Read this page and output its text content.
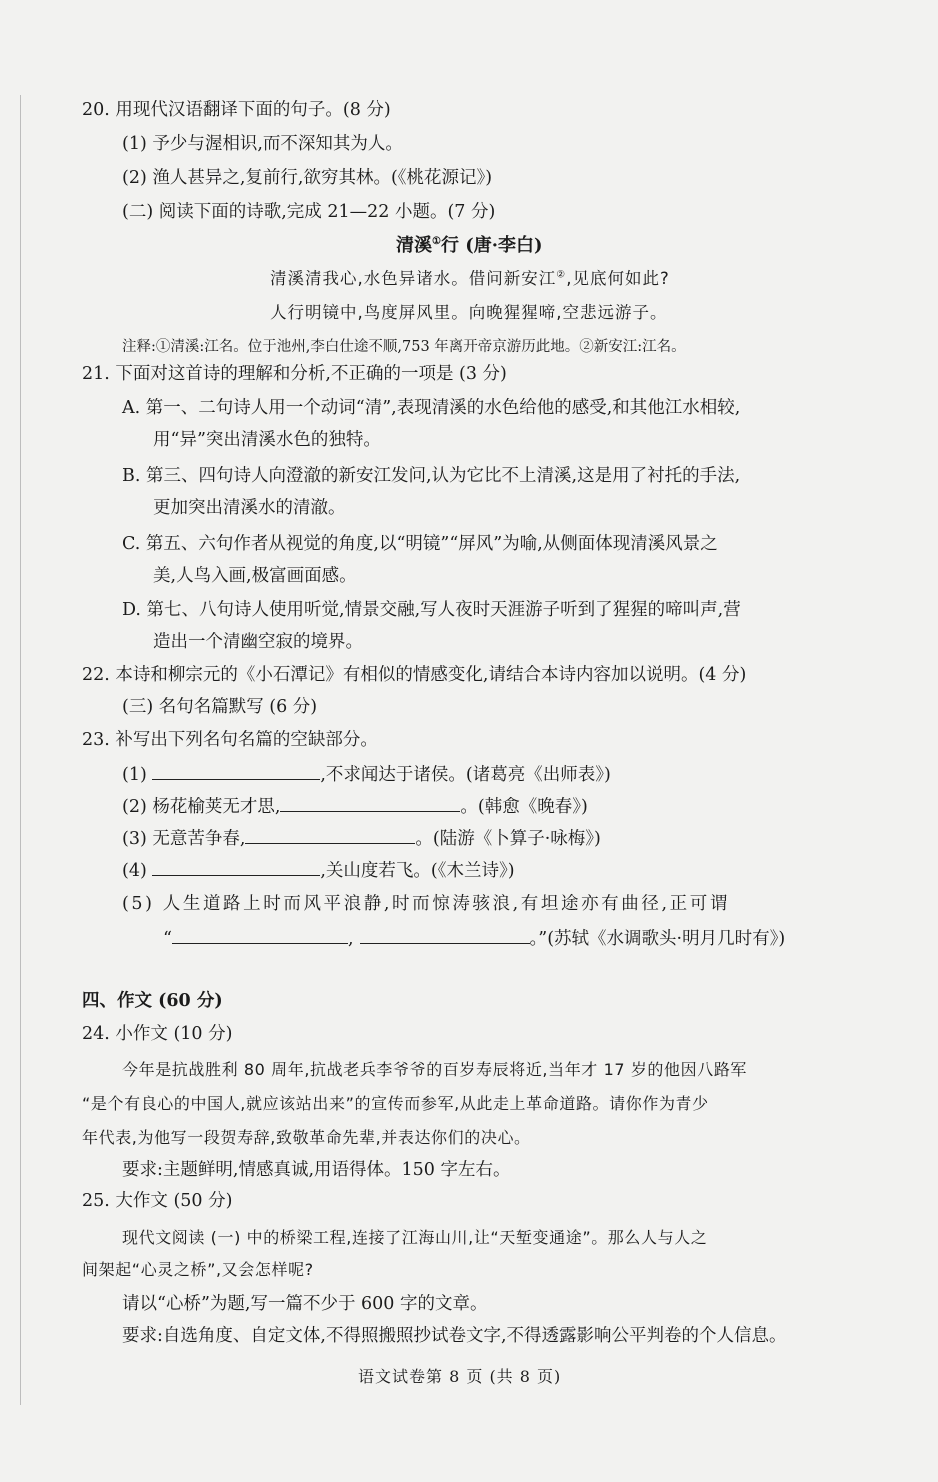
20. 用现代汉语翻译下面的句子。(8 分)
(1) 予少与渥相识,而不深知其为人。
(2) 渔人甚异之,复前行,欲穷其林。(《桃花源记》)
(二) 阅读下面的诗歌,完成 21—22 小题。(7 分)
清溪①行 (唐·李白)
清溪清我心,水色异诸水。借问新安江②,见底何如此?
人行明镜中,鸟度屏风里。向晚猩猩啼,空悲远游子。
注释:①清溪:江名。位于池州,李白仕途不顺,753 年离开帝京游历此地。②新安江:江名。
21. 下面对这首诗的理解和分析,不正确的一项是 (3 分)
A. 第一、二句诗人用一个动词“清”,表现清溪的水色给他的感受,和其他江水相较,
用“异”突出清溪水色的独特。
B. 第三、四句诗人向澄澈的新安江发问,认为它比不上清溪,这是用了衬托的手法,
更加突出清溪水的清澈。
C. 第五、六句作者从视觉的角度,以“明镜”“屏风”为喻,从侧面体现清溪风景之
美,人鸟入画,极富画面感。
D. 第七、八句诗人使用听觉,情景交融,写人夜时天涯游子听到了猩猩的啼叫声,营
造出一个清幽空寂的境界。
22. 本诗和柳宗元的《小石潭记》有相似的情感变化,请结合本诗内容加以说明。(4 分)
(三) 名句名篇默写 (6 分)
23. 补写出下列名句名篇的空缺部分。
(1)	,不求闻达于诸侯。(诸葛亮《出师表》)
(2) 杨花榆荚无才思,	。(韩愈《晚春》)
(3) 无意苦争春,	。(陆游《卜算子·咏梅》)
(4)	,关山度若飞。(《木兰诗》)
(5) 人生道路上时而风平浪静,时而惊涛骇浪,有坦途亦有曲径,正可谓
“	,	。”(苏轼《水调歌头·明月几时有》)
四、作文 (60 分)
24. 小作文 (10 分)
今年是抗战胜利 80 周年,抗战老兵李爷爷的百岁寿辰将近,当年才 17 岁的他因八路军
“是个有良心的中国人,就应该站出来”的宣传而参军,从此走上革命道路。请你作为青少
年代表,为他写一段贺寿辞,致敬革命先辈,并表达你们的决心。
要求:主题鲜明,情感真诚,用语得体。150 字左右。
25. 大作文 (50 分)
现代文阅读 (一) 中的桥梁工程,连接了江海山川,让“天堑变通途”。那么人与人之
间架起“心灵之桥”,又会怎样呢?
请以“心桥”为题,写一篇不少于 600 字的文章。
要求:自选角度、自定文体,不得照搬照抄试卷文字,不得透露影响公平判卷的个人信息。
语文试卷第 8 页 (共 8 页)
